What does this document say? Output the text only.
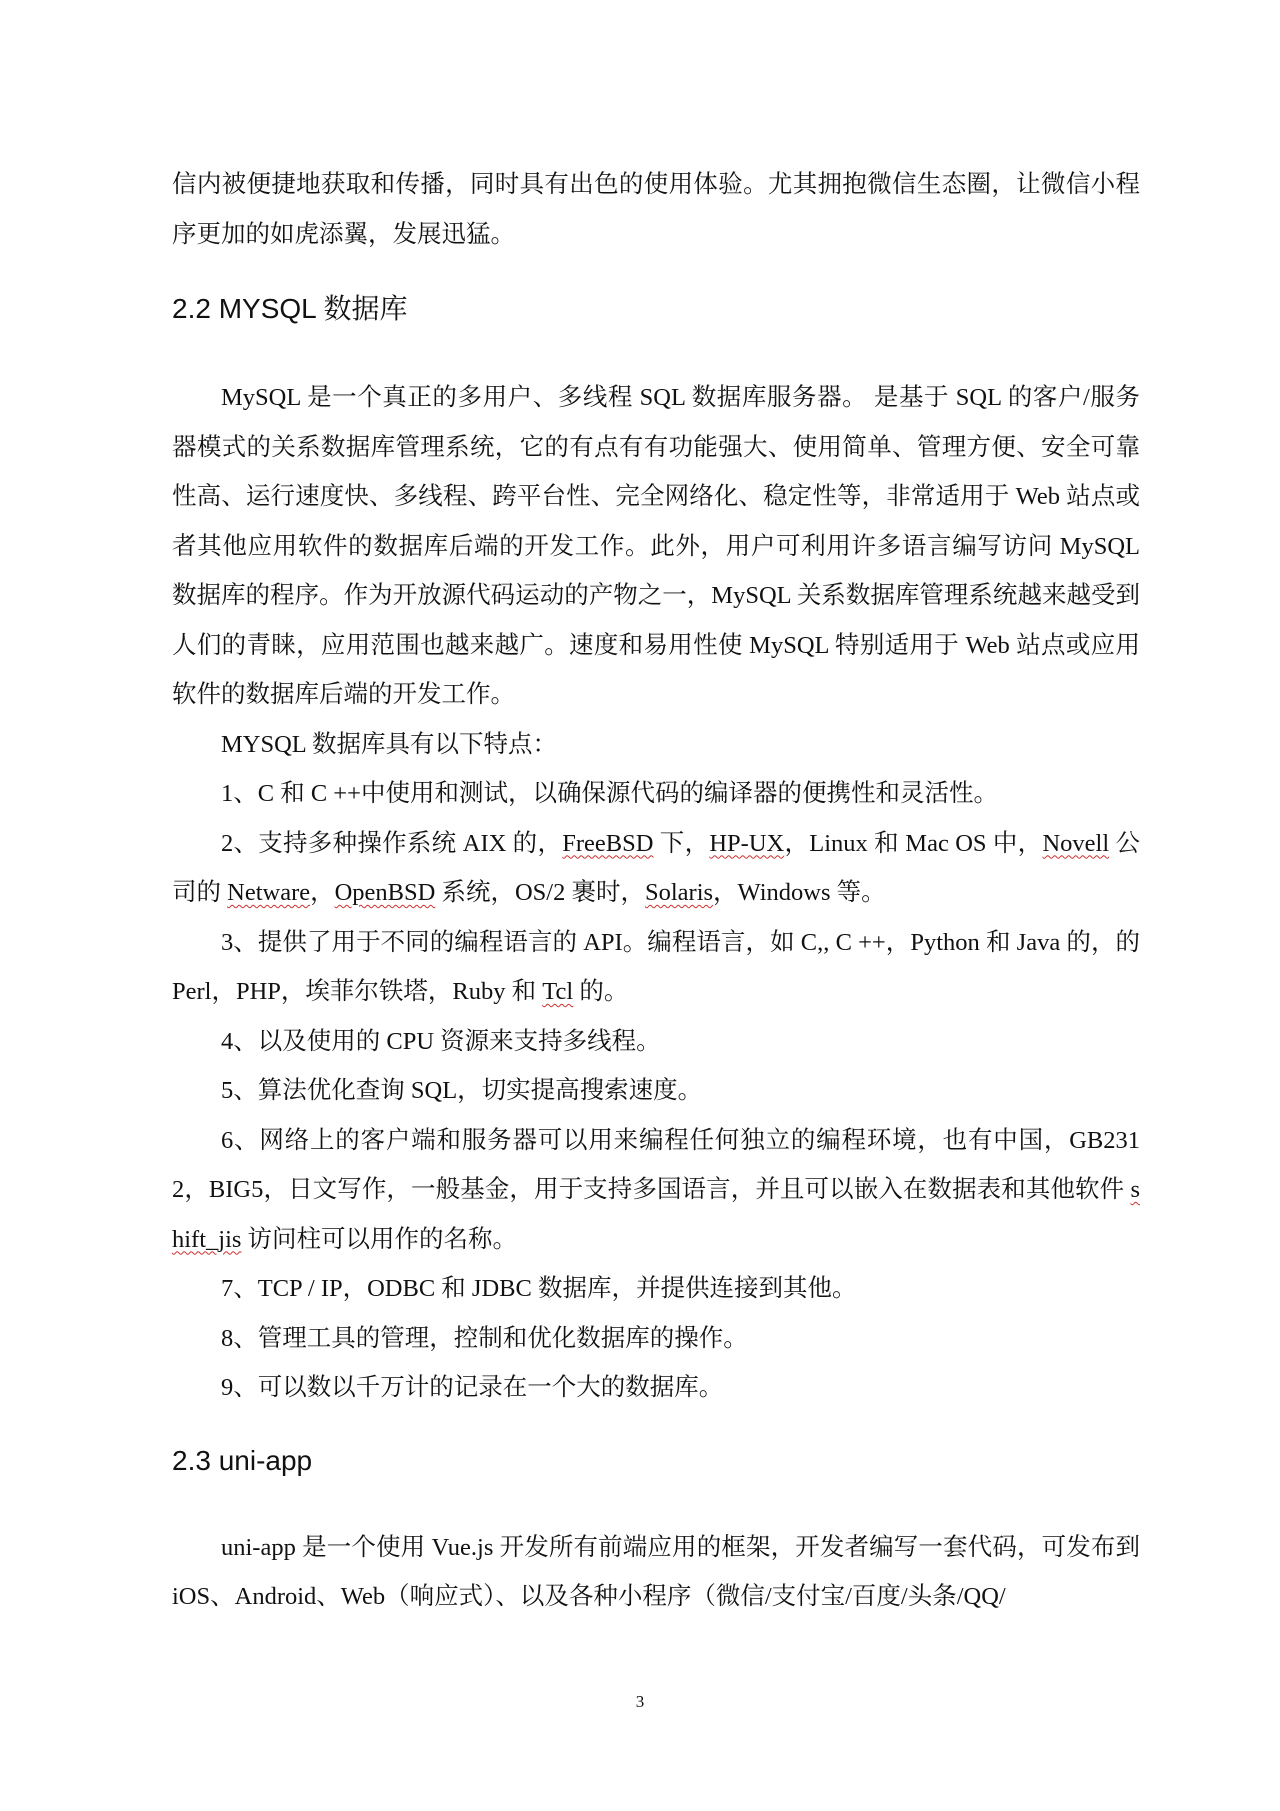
信内被便捷地获取和传播，同时具有出色的使用体验。尤其拥抱微信生态圈，让微信小程序更加的如虎添翼，发展迅猛。

2.2 MYSQL 数据库

MySQL 是一个真正的多用户、多线程 SQL 数据库服务器。 是基于 SQL 的客户/服务器模式的关系数据库管理系统，它的有点有有功能强大、使用简单、管理方便、安全可靠性高、运行速度快、多线程、跨平台性、完全网络化、稳定性等，非常适用于 Web 站点或者其他应用软件的数据库后端的开发工作。此外，用户可利用许多语言编写访问 MySQL 数据库的程序。作为开放源代码运动的产物之一，MySQL 关系数据库管理系统越来越受到人们的青睐，应用范围也越来越广。速度和易用性使 MySQL 特别适用于 Web 站点或应用软件的数据库后端的开发工作。

MYSQL 数据库具有以下特点：

1、C 和 C ++中使用和测试，以确保源代码的编译器的便携性和灵活性。

2、支持多种操作系统 AIX 的，FreeBSD 下，HP-UX，Linux 和 Mac OS 中，Novell 公司的 Netware，OpenBSD 系统，OS/2 裹时，Solaris，Windows 等。

3、提供了用于不同的编程语言的 API。编程语言，如 C,, C ++，Python 和 Java 的，的 Perl，PHP，埃菲尔铁塔，Ruby 和 Tcl 的。

4、以及使用的 CPU 资源来支持多线程。

5、算法优化查询 SQL，切实提高搜索速度。

6、网络上的客户端和服务器可以用来编程任何独立的编程环境，也有中国，GB2312，BIG5，日文写作，一般基金，用于支持多国语言，并且可以嵌入在数据表和其他软件 shift_jis 访问柱可以用作的名称。

7、TCP / IP，ODBC 和 JDBC 数据库，并提供连接到其他。

8、管理工具的管理，控制和优化数据库的操作。

9、可以数以千万计的记录在一个大的数据库。

2.3 uni-app

uni-app 是一个使用 Vue.js 开发所有前端应用的框架，开发者编写一套代码，可发布到 iOS、Android、Web（响应式）、以及各种小程序（微信/支付宝/百度/头条/QQ/

3
